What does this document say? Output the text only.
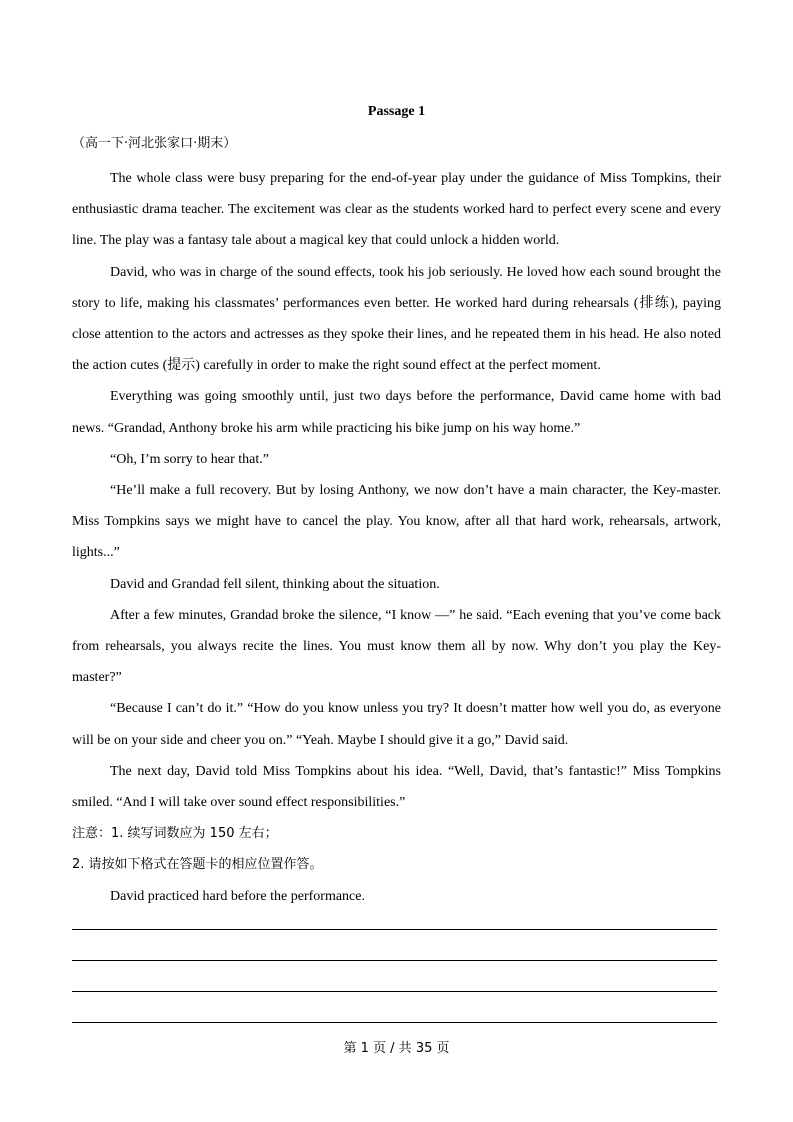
Passage 1
（高一下·河北张家口·期末）

The whole class were busy preparing for the end-of-year play under the guidance of Miss Tompkins, their enthusiastic drama teacher. The excitement was clear as the students worked hard to perfect every scene and every line. The play was a fantasy tale about a magical key that could unlock a hidden world.

David, who was in charge of the sound effects, took his job seriously. He loved how each sound brought the story to life, making his classmates’ performances even better. He worked hard during rehearsals (排练), paying close attention to the actors and actresses as they spoke their lines, and he repeated them in his head. He also noted the action cutes (提示) carefully in order to make the right sound effect at the perfect moment.

Everything was going smoothly until, just two days before the performance, David came home with bad news. “Grandad, Anthony broke his arm while practicing his bike jump on his way home.”

“Oh, I’m sorry to hear that.”

“He’ll make a full recovery. But by losing Anthony, we now don’t have a main character, the Key-master. Miss Tompkins says we might have to cancel the play. You know, after all that hard work, rehearsals, artwork, lights...”

David and Grandad fell silent, thinking about the situation.

After a few minutes, Grandad broke the silence, “I know —” he said. “Each evening that you’ve come back from rehearsals, you always recite the lines. You must know them all by now. Why don’t you play the Key-master?”

“Because I can’t do it.” “How do you know unless you try? It doesn’t matter how well you do, as everyone will be on your side and cheer you on.” “Yeah. Maybe I should give it a go,” David said.

The next day, David told Miss Tompkins about his idea. “Well, David, that’s fantastic!” Miss Tompkins smiled. “And I will take over sound effect responsibilities.”

注意：1. 续写词数应为 150 左右；

2. 请按如下格式在答题卡的相应位置作答。

David practiced hard before the performance.

第 1 页 / 共 35 页
